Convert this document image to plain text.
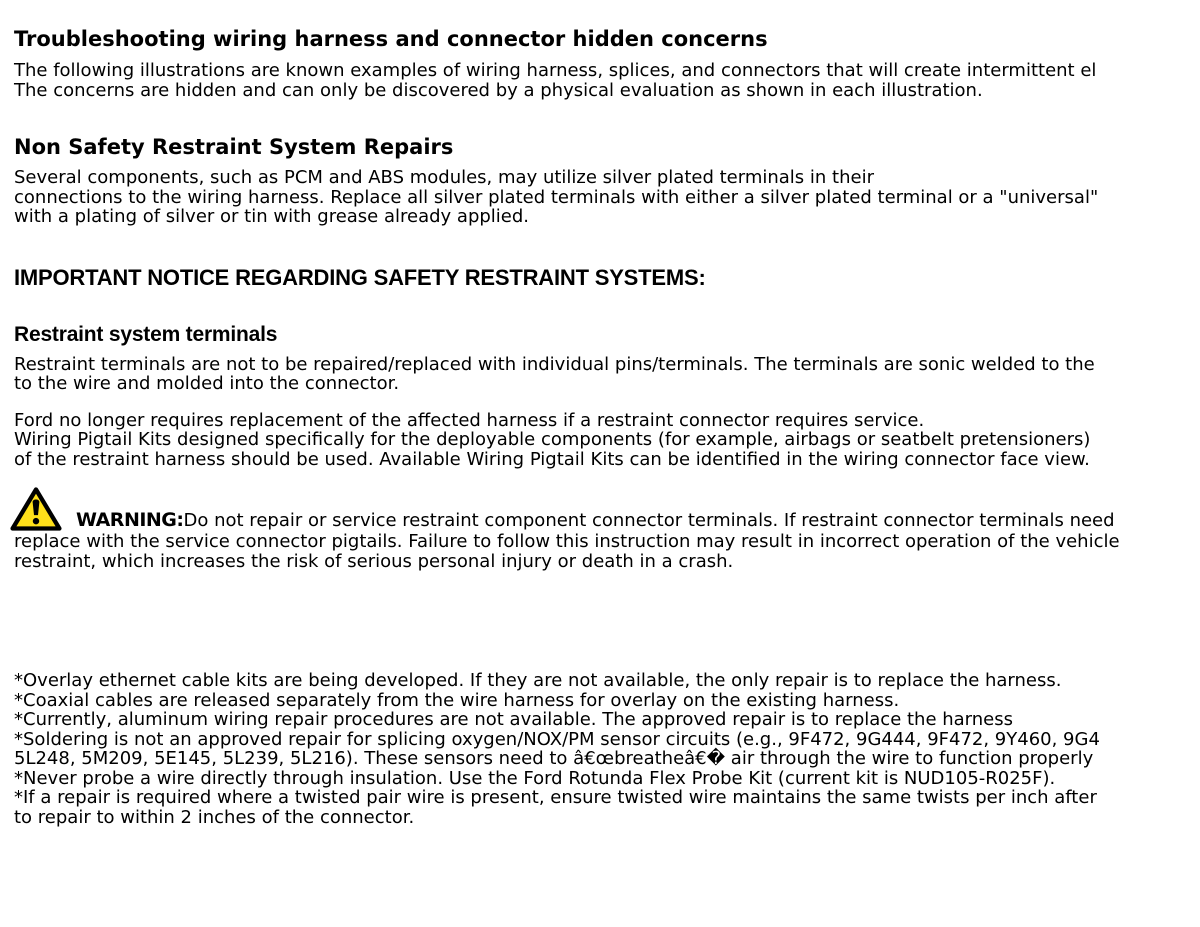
Troubleshooting wiring harness and connector hidden concerns
The following illustrations are known examples of wiring harness, splices, and connectors that will create intermittent el
The concerns are hidden and can only be discovered by a physical evaluation as shown in each illustration.
Non Safety Restraint System Repairs
Several components, such as PCM and ABS modules, may utilize silver plated terminals in their
connections to the wiring harness. Replace all silver plated terminals with either a silver plated terminal or a "universal"
with a plating of silver or tin with grease already applied.
IMPORTANT NOTICE REGARDING SAFETY RESTRAINT SYSTEMS:
Restraint system terminals
Restraint terminals are not to be repaired/replaced with individual pins/terminals. The terminals are sonic welded to the
to the wire and molded into the connector.
Ford no longer requires replacement of the affected harness if a restraint connector requires service.
Wiring Pigtail Kits designed specifically for the deployable components (for example, airbags or seatbelt pretensioners)
of the restraint harness should be used. Available Wiring Pigtail Kits can be identified in the wiring connector face view.
WARNING:Do not repair or service restraint component connector terminals. If restraint connector terminals need
replace with the service connector pigtails. Failure to follow this instruction may result in incorrect operation of the vehicle
restraint, which increases the risk of serious personal injury or death in a crash.
*Overlay ethernet cable kits are being developed. If they are not available, the only repair is to replace the harness.
*Coaxial cables are released separately from the wire harness for overlay on the existing harness.
*Currently, aluminum wiring repair procedures are not available. The approved repair is to replace the harness
*Soldering is not an approved repair for splicing oxygen/NOX/PM sensor circuits (e.g., 9F472, 9G444, 9F472, 9Y460, 9G4
5L248, 5M209, 5E145, 5L239, 5L216). These sensors need to â€œbreatheâ€� air through the wire to function properly
*Never probe a wire directly through insulation. Use the Ford Rotunda Flex Probe Kit (current kit is NUD105-R025F).
*If a repair is required where a twisted pair wire is present, ensure twisted wire maintains the same twists per inch after
to repair to within 2 inches of the connector.
